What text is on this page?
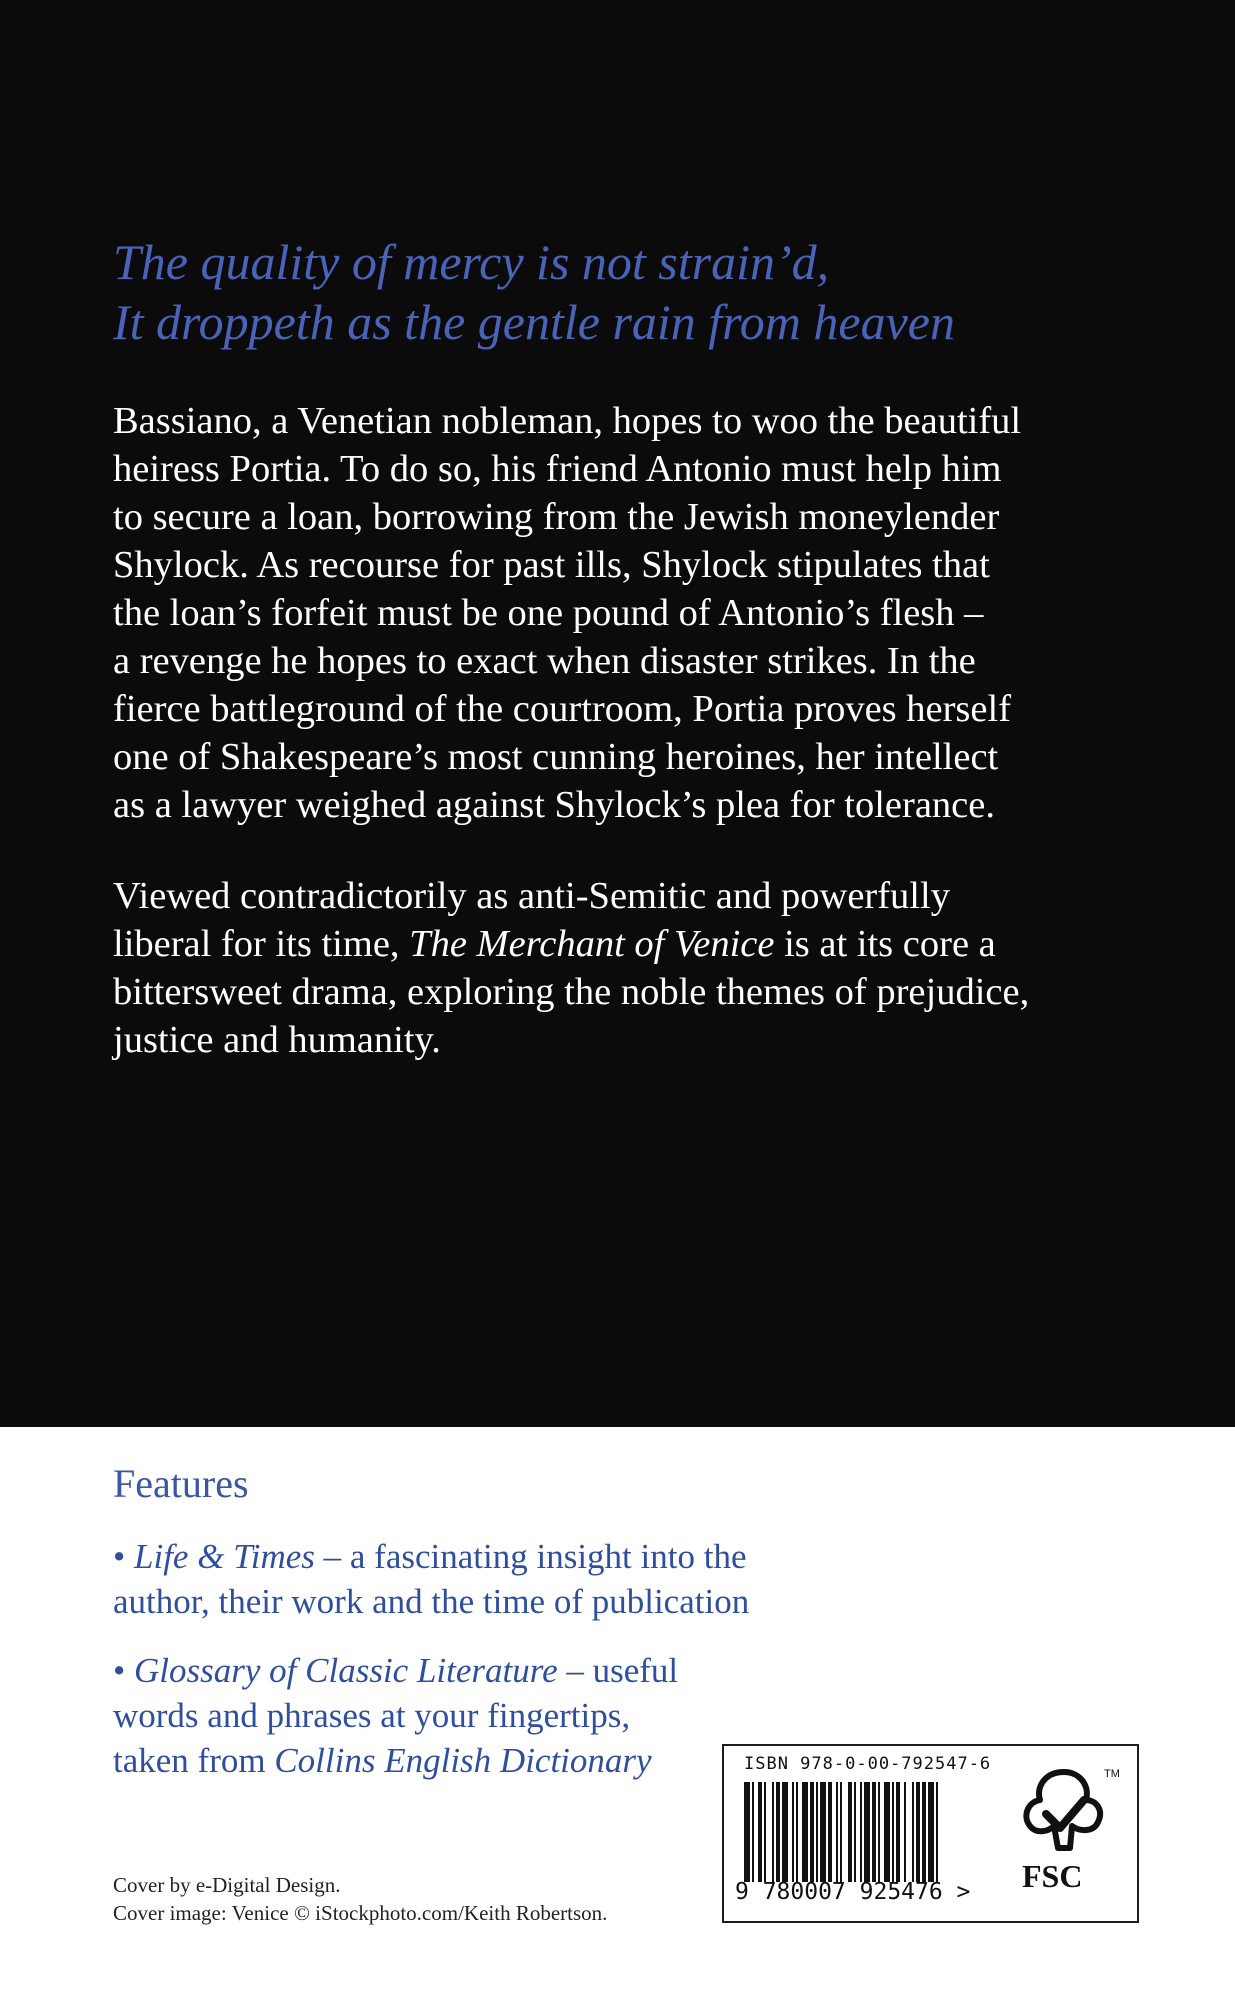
The quality of mercy is not strain’d,
It droppeth as the gentle rain from heaven
Bassiano, a Venetian nobleman, hopes to woo the beautiful
heiress Portia. To do so, his friend Antonio must help him
to secure a loan, borrowing from the Jewish moneylender
Shylock. As recourse for past ills, Shylock stipulates that
the loan’s forfeit must be one pound of Antonio’s flesh –
a revenge he hopes to exact when disaster strikes. In the
fierce battleground of the courtroom, Portia proves herself
one of Shakespeare’s most cunning heroines, her intellect
as a lawyer weighed against Shylock’s plea for tolerance.
Viewed contradictorily as anti-Semitic and powerfully
liberal for its time, The Merchant of Venice is at its core a
bittersweet drama, exploring the noble themes of prejudice,
justice and humanity.
Features
• Life & Times – a fascinating insight into the
author, their work and the time of publication
• Glossary of Classic Literature – useful
words and phrases at your fingertips,
taken from Collins English Dictionary
Cover by e-Digital Design.
Cover image: Venice © iStockphoto.com/Keith Robertson.
ISBN 978-0-00-792547-6
9 780007 925476 >
TM
FSC
